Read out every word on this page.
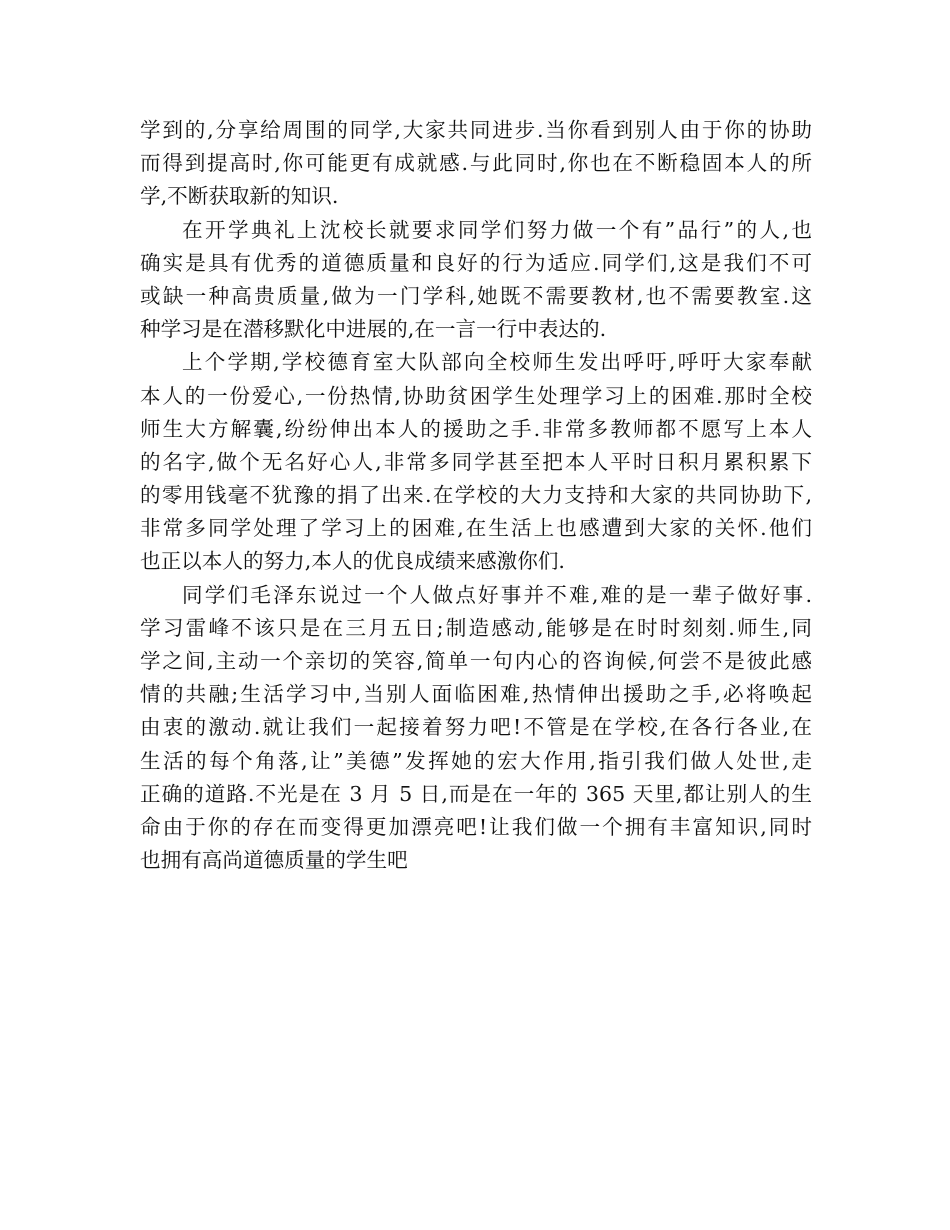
学到的,分享给周围的同学,大家共同进步.当你看到别人由于你的协助
而得到提高时,你可能更有成就感.与此同时,你也在不断稳固本人的所
学,不断获取新的知识.
在开学典礼上沈校长就要求同学们努力做一个有”品行”的人,也
确实是具有优秀的道德质量和良好的行为适应.同学们,这是我们不可
或缺一种高贵质量,做为一门学科,她既不需要教材,也不需要教室.这
种学习是在潜移默化中进展的,在一言一行中表达的.
上个学期,学校德育室大队部向全校师生发出呼吁,呼吁大家奉献
本人的一份爱心,一份热情,协助贫困学生处理学习上的困难.那时全校
师生大方解囊,纷纷伸出本人的援助之手.非常多教师都不愿写上本人
的名字,做个无名好心人,非常多同学甚至把本人平时日积月累积累下
的零用钱毫不犹豫的捐了出来.在学校的大力支持和大家的共同协助下,
非常多同学处理了学习上的困难,在生活上也感遭到大家的关怀.他们
也正以本人的努力,本人的优良成绩来感激你们.
同学们毛泽东说过一个人做点好事并不难,难的是一辈子做好事.
学习雷峰不该只是在三月五日;制造感动,能够是在时时刻刻.师生,同
学之间,主动一个亲切的笑容,简单一句内心的咨询候,何尝不是彼此感
情的共融;生活学习中,当别人面临困难,热情伸出援助之手,必将唤起
由衷的激动.就让我们一起接着努力吧!不管是在学校,在各行各业,在
生活的每个角落,让”美德”发挥她的宏大作用,指引我们做人处世,走
正确的道路.不光是在 3 月 5 日,而是在一年的 365 天里,都让别人的生
命由于你的存在而变得更加漂亮吧!让我们做一个拥有丰富知识,同时
也拥有高尚道德质量的学生吧
